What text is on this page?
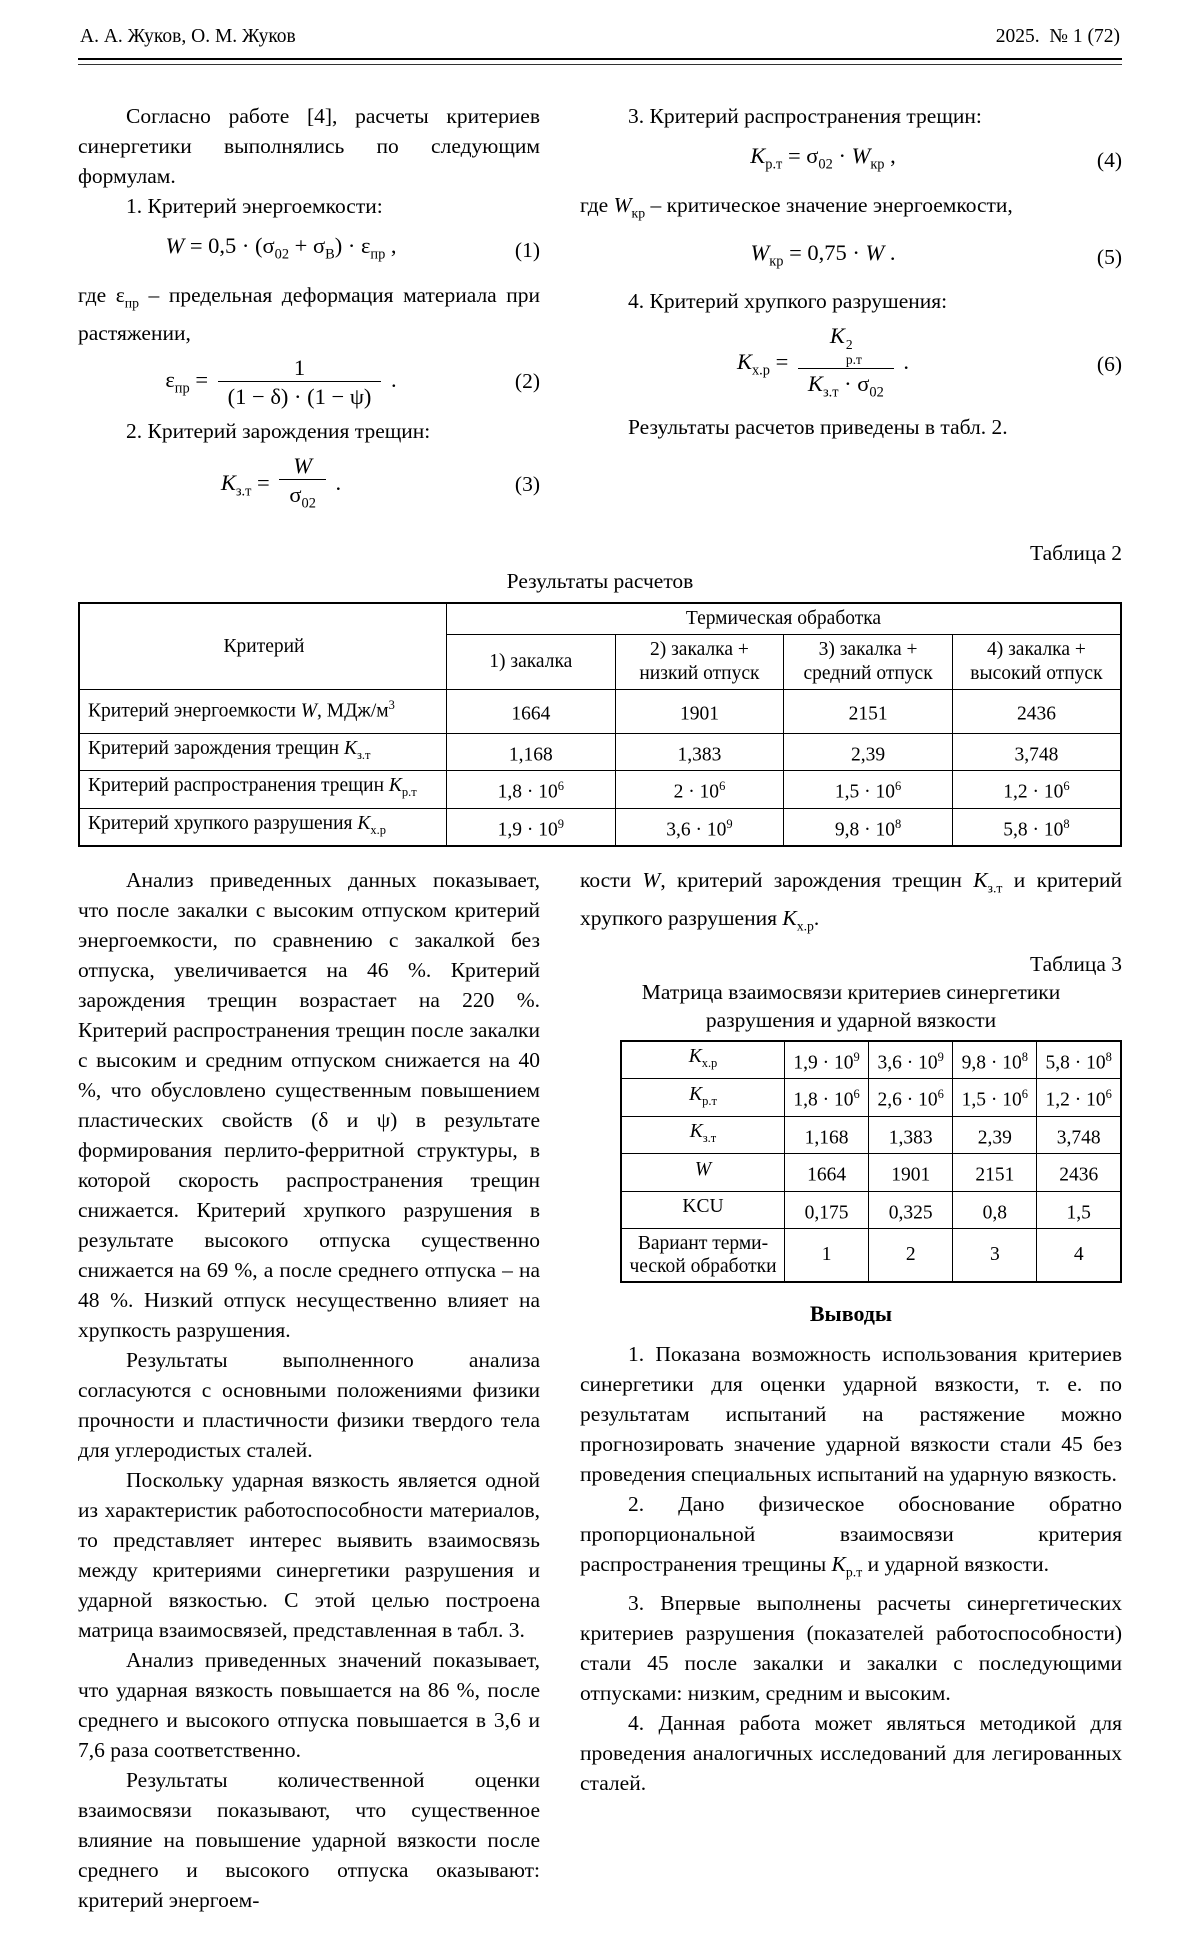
А. А. Жуков, О. М. Жуков	2025.  № 1 (72)

Согласно работе [4], расчеты критериев синергетики выполнялись по следующим формулам.

1. Критерий энергоемкости:

$W = 0,5 \cdot (\sigma_{02} + \sigma_В) \cdot \varepsilon_{пр}$ ,	(1)

где $\varepsilon_{пр}$ – предельная деформация материала при растяжении,

$\varepsilon_{пр} = \frac{1}{(1 - \delta) \cdot (1 - \psi)}$ .	(2)

2. Критерий зарождения трещин:

$K_{з.т} = \frac{W}{\sigma_{02}}$ .	(3)

3. Критерий распространения трещин:

$K_{р.т} = \sigma_{02} \cdot W_{кр}$ ,	(4)

где $W_{кр}$ – критическое значение энергоемкости,

$W_{кр} = 0,75 \cdot W$ .	(5)

4. Критерий хрупкого разрушения:

$K_{х.р} = K$ 2
р.т
$K_{з.т} \cdot \sigma_{02}$ .	(6)

Результаты расчетов приведены в табл. 2.

Таблица 2
Результаты расчетов
Критерий	Термическая обработка			
	1) закалка	2) закалка + низкий отпуск	3) закалка + средний отпуск	4) закалка + высокий отпуск
Критерий энергоемкости W, МДж/$м^3$	1664	1901	2151	2436
Критерий зарождения трещин $K_{з.т}$	1,168	1,383	2,39	3,748
Критерий распространения трещин $K_{р.т}$	$1,8 \cdot 10^6$	$2 \cdot 10^6$	$1,5 \cdot 10^6$	$1,2 \cdot 10^6$
Критерий хрупкого разрушения $K_{х.р}$	$1,9 \cdot 10^9$	$3,6 \cdot 10^9$	$9,8 \cdot 10^8$	$5,8 \cdot 10^8$

Анализ приведенных данных показывает, что после закалки с высоким отпуском критерий энергоемкости, по сравнению с закалкой без отпуска, увеличивается на 46 %. Критерий зарождения трещин возрастает на 220 %. Критерий распространения трещин после закалки с высоким и средним отпуском снижается на 40 %, что обусловлено существенным повышением пластических свойств (δ и ψ) в результате формирования перлито-ферритной структуры, в которой скорость распространения трещин снижается. Критерий хрупкого разрушения в результате высокого отпуска существенно снижается на 69 %, а после среднего отпуска – на 48 %. Низкий отпуск несущественно влияет на хрупкость разрушения.

Результаты выполненного анализа согласуются с основными положениями физики прочности и пластичности физики твердого тела для углеродистых сталей.

Поскольку ударная вязкость является одной из характеристик работоспособности материалов, то представляет интерес выявить взаимосвязь между критериями синергетики разрушения и ударной вязкостью. С этой целью построена матрица взаимосвязей, представленная в табл. 3.

Анализ приведенных значений показывает, что ударная вязкость повышается на 86 %, после среднего и высокого отпуска повышается в 3,6 и 7,6 раза соответственно.

Результаты количественной оценки взаимосвязи показывают, что существенное влияние на повышение ударной вязкости после среднего и высокого отпуска оказывают: критерий энергоем-

кости W, критерий зарождения трещин $K_{з.т}$ и критерий хрупкого разрушения $K_{х.р}$.

Таблица 3
Матрица взаимосвязи критериев синергетики
разрушения и ударной вязкости
$K_{х.р}$	$1,9 \cdot 10^9$	$3,6 \cdot 10^9$	$9,8 \cdot 10^8$	$5,8 \cdot 10^8$
$K_{р.т}$	$1,8 \cdot 10^6$	$2,6 \cdot 10^6$	$1,5 \cdot 10^6$	$1,2 \cdot 10^6$
$K_{з.т}$	1,168	1,383	2,39	3,748
W	1664	1901	2151	2436
KCU	0,175	0,325	0,8	1,5

Вариант терми-
ческой обработки	1	2	3	4
Выводы

1. Показана возможность использования критериев синергетики для оценки ударной вязкости, т. е. по результатам испытаний на растяжение можно прогнозировать значение ударной вязкости стали 45 без проведения специальных испытаний на ударную вязкость.

2. Дано физическое обоснование обратно пропорциональной взаимосвязи критерия распространения трещины $K_{р.т}$ и ударной вязкости.

3. Впервые выполнены расчеты синергетических критериев разрушения (показателей работоспособности) стали 45 после закалки и закалки с последующими отпусками: низким, средним и высоким.

4. Данная работа может являться методикой для проведения аналогичных исследований для легированных сталей.
